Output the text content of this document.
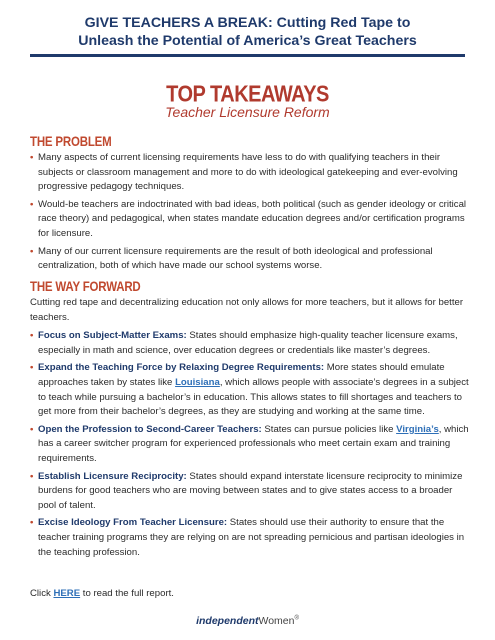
GIVE TEACHERS A BREAK: Cutting Red Tape to
Unleash the Potential of America’s Great Teachers
TOP TAKEAWAYS
Teacher Licensure Reform
THE PROBLEM
• Many aspects of current licensing requirements have less to do with qualifying teachers in their subjects or classroom management and more to do with ideological gatekeeping and ever-evolving progressive pedagogy techniques.
• Would-be teachers are indoctrinated with bad ideas, both political (such as gender ideology or critical race theory) and pedagogical, when states mandate education degrees and/or certification programs for licensure.
• Many of our current licensure requirements are the result of both ideological and professional centralization, both of which have made our school systems worse.
THE WAY FORWARD
Cutting red tape and decentralizing education not only allows for more teachers, but it allows for better teachers.
• Focus on Subject-Matter Exams: States should emphasize high-quality teacher licensure exams, especially in math and science, over education degrees or credentials like master’s degrees.
• Expand the Teaching Force by Relaxing Degree Requirements: More states should emulate approaches taken by states like Louisiana, which allows people with associate’s degrees in a subject to teach while pursuing a bachelor’s in education. This allows states to fill shortages and teachers to get more from their bachelor’s degrees, as they are studying and working at the same time.
• Open the Profession to Second-Career Teachers: States can pursue policies like Virginia’s, which has a career switcher program for experienced professionals who meet certain exam and training requirements.
• Establish Licensure Reciprocity: States should expand interstate licensure reciprocity to minimize burdens for good teachers who are moving between states and to give states access to a broader pool of talent.
• Excise Ideology From Teacher Licensure: States should use their authority to ensure that the teacher training programs they are relying on are not spreading pernicious and partisan ideologies in the teaching profession.
Click HERE to read the full report.
independentWomen®
